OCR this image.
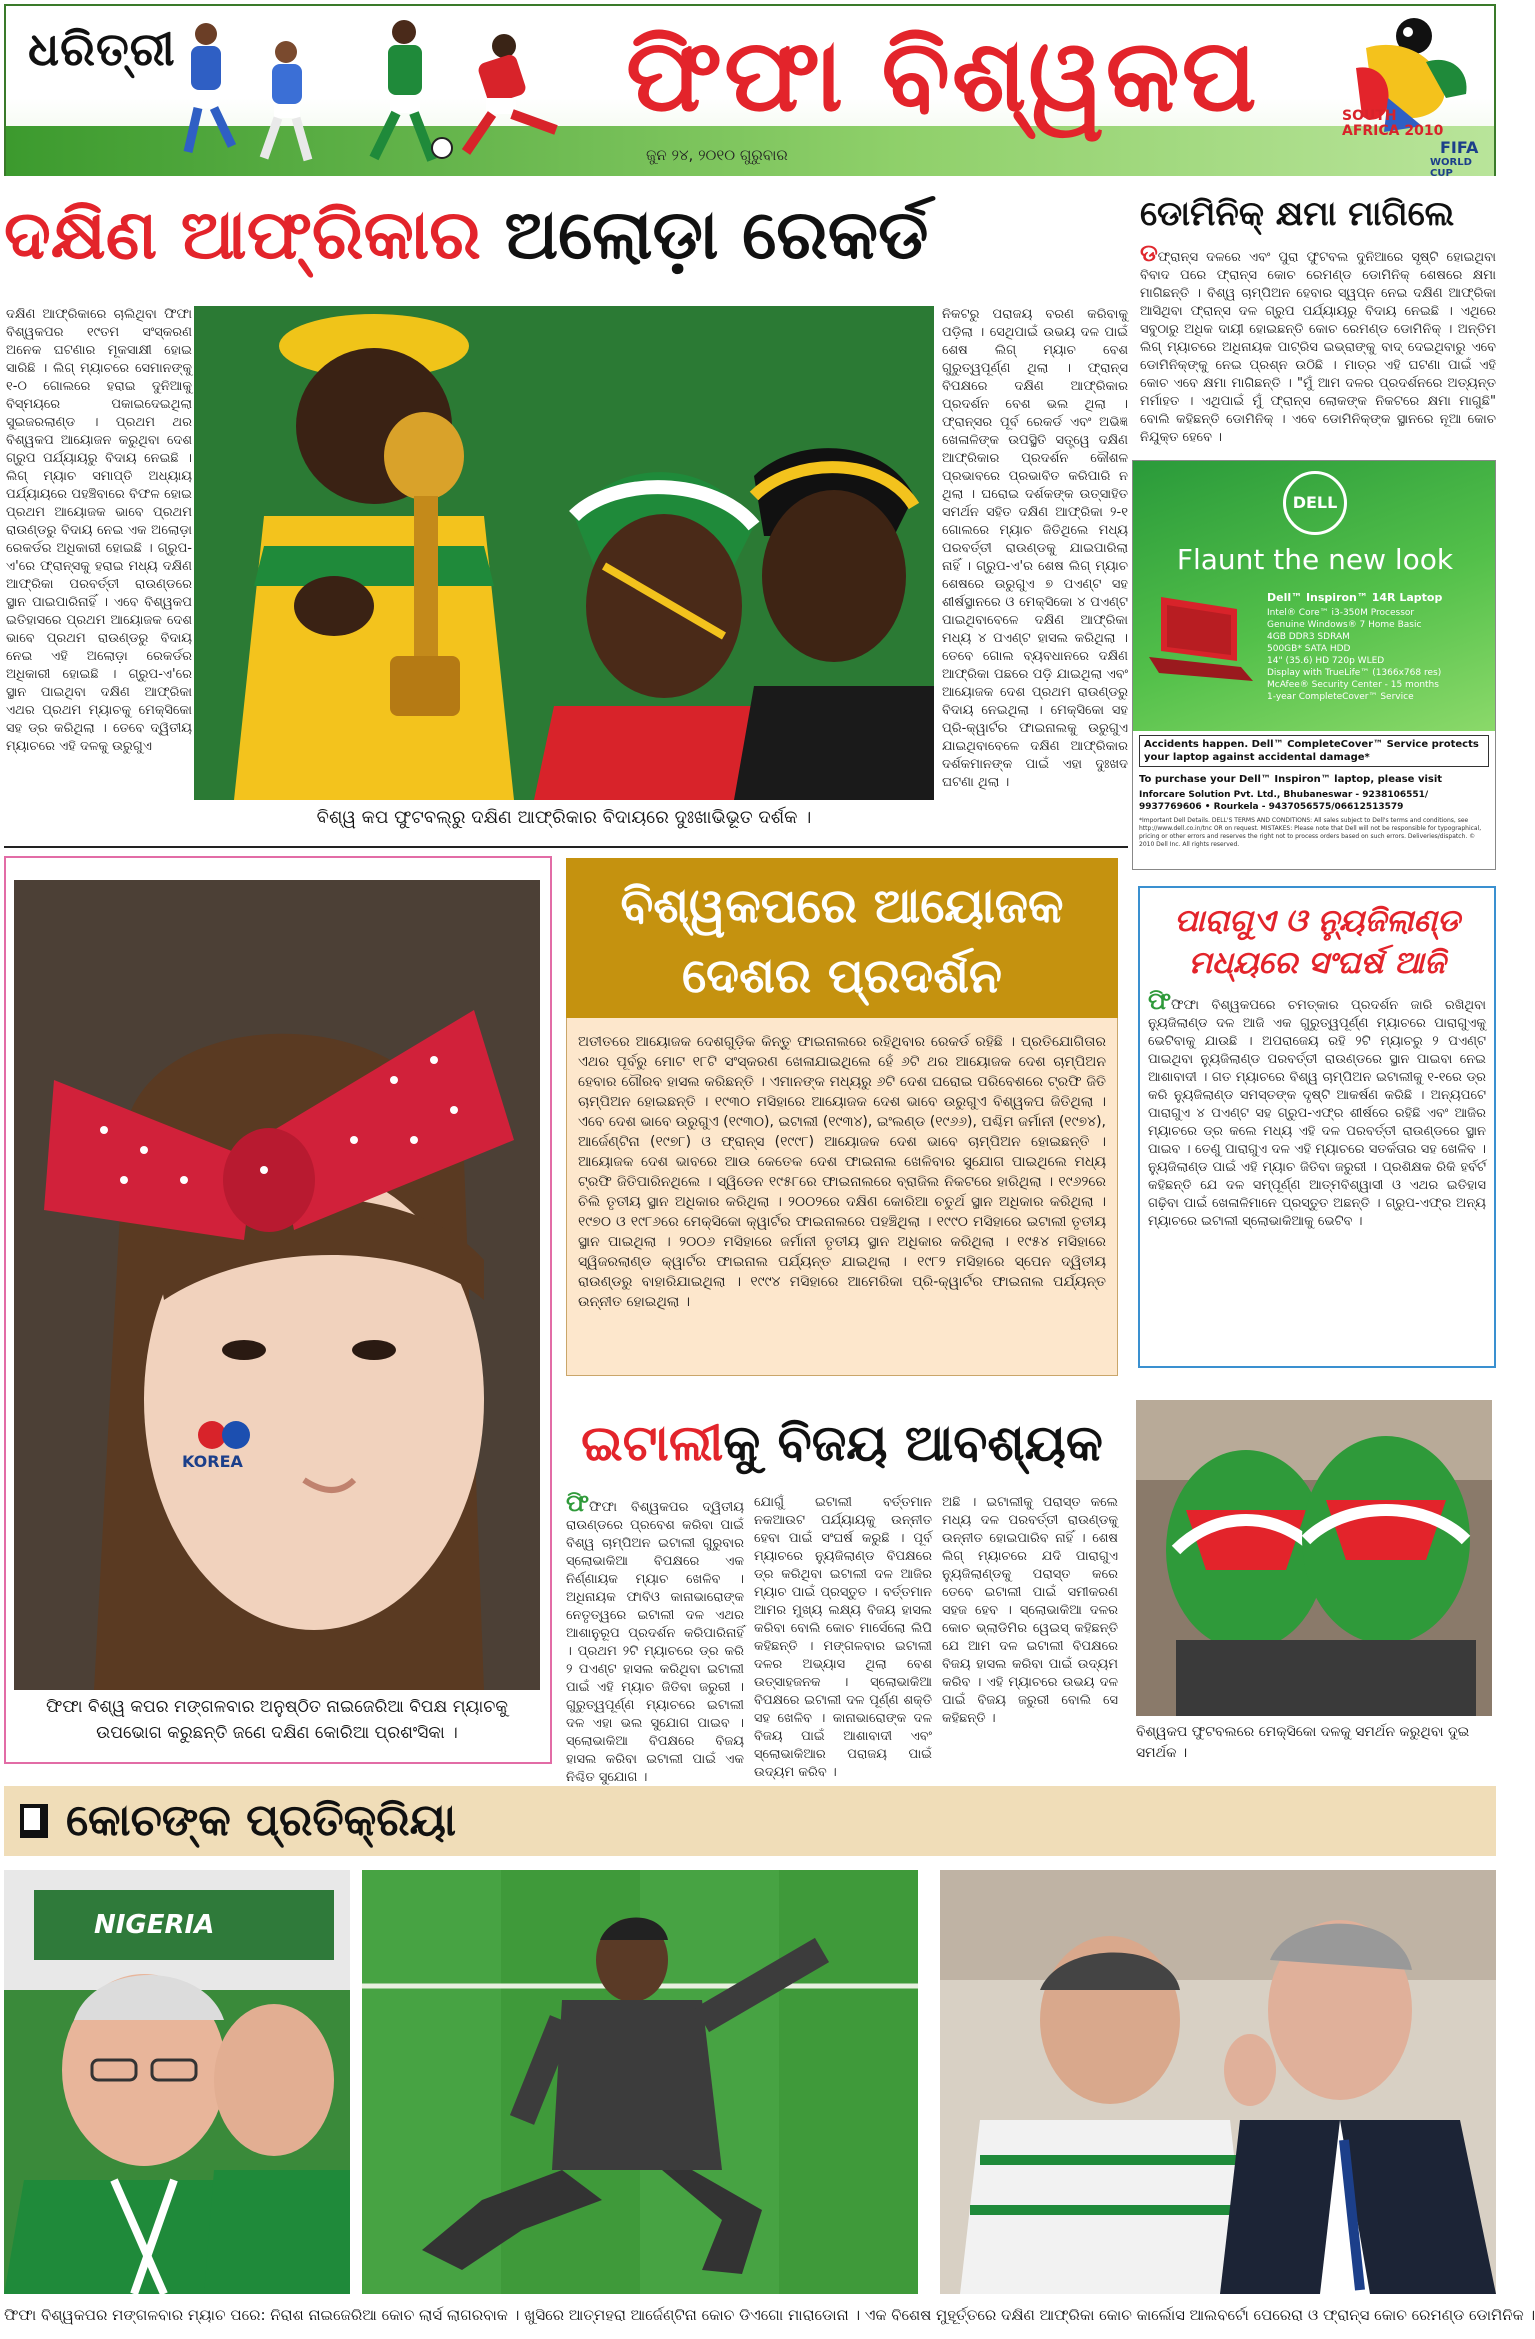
ଧରିତ୍ରୀ	ଫିଫା ବିଶ୍ୱକପ
ଜୁନ ୨୪, ୨୦୧୦ ଗୁରୁବାର
SOUTH
AFRICA 2010
FIFA
WORLD CUP
ଦକ୍ଷିଣ ଆଫ୍ରିକାର ଅଲୋଡ଼ା ରେକର୍ଡ
ଦକ୍ଷିଣ ଆଫ୍ରିକାରେ ଚାଲିଥିବା ଫିଫା ବିଶ୍ୱକପର ୧୯ତମ ସଂସ୍କରଣ ଅନେକ ଘଟଣାର ମୂକସାକ୍ଷୀ ହୋଇ ସାରିଛି । ଲିଗ୍ ମ୍ୟାଚରେ ସେମାନଙ୍କୁ ୧-୦ ଗୋଲରେ ହରାଇ ଦୁନିଆକୁ ବିସ୍ମୟରେ ପକାଇଦେଇଥିଲା ସୁଇଜରଲାଣ୍ଡ । ପ୍ରଥମ ଥର ବିଶ୍ୱକପ ଆୟୋଜନ କରୁଥିବା ଦେଶ ଗ୍ରୁପ ପର୍ଯ୍ୟାୟରୁ ବିଦାୟ ନେଇଛି । ଲିଗ୍ ମ୍ୟାଚ ସମାପ୍ତି ଅଧ୍ୟାୟ ପର୍ଯ୍ୟାୟରେ ପହଞ୍ଚିବାରେ ବିଫଳ ହୋଇ ପ୍ରଥମ ଆୟୋଜକ ଭାବେ ପ୍ରଥମ ରାଉଣ୍ଡରୁ ବିଦାୟ ନେଇ ଏକ ଅଲୋଡ଼ା ରେକର୍ଡର ଅଧିକାରୀ ହୋଇଛି । ଗ୍ରୁପ-ଏ'ରେ ଫ୍ରାନ୍ସକୁ ହରାଇ ମଧ୍ୟ ଦକ୍ଷିଣ ଆଫ୍ରିକା ପରବର୍ତ୍ତୀ ରାଉଣ୍ଡରେ ସ୍ଥାନ ପାଇପାରିନାହିଁ । ଏବେ ବିଶ୍ୱକପ ଇତିହାସରେ ପ୍ରଥମ ଆୟୋଜକ ଦେଶ ଭାବେ ପ୍ରଥମ ରାଉଣ୍ଡରୁ ବିଦାୟ ନେଇ ଏହି ଅଲୋଡ଼ା ରେକର୍ଡର ଅଧିକାରୀ ହୋଇଛି । ଗ୍ରୁପ-ଏ'ରେ ସ୍ଥାନ ପାଇଥିବା ଦକ୍ଷିଣ ଆଫ୍ରିକା ଏଥର ପ୍ରଥମ ମ୍ୟାଚକୁ ମେକ୍ସିକୋ ସହ ଡ୍ର କରିଥିଲା । ତେବେ ଦ୍ୱିତୀୟ ମ୍ୟାଚରେ ଏହି ଦଳକୁ ଉରୁଗୁଏ
ବିଶ୍ୱ କପ ଫୁଟବଲ୍‌ରୁ ଦକ୍ଷିଣ ଆଫ୍ରିକାର ବିଦାୟରେ ଦୁଃଖାଭିଭୂତ ଦର୍ଶକ ।
ନିକଟରୁ ପରାଜୟ ବରଣ କରିବାକୁ ପଡ଼ିଲା । ସେଥିପାଇଁ ଉଭୟ ଦଳ ପାଇଁ ଶେଷ ଲିଗ୍ ମ୍ୟାଚ ବେଶ ଗୁରୁତ୍ୱପୂର୍ଣ୍ଣ ଥିଲା । ଫ୍ରାନ୍ସ ବିପକ୍ଷରେ ଦକ୍ଷିଣ ଆଫ୍ରିକାର ପ୍ରଦର୍ଶନ ବେଶ ଭଲ ଥିଲା । ଫ୍ରାନ୍ସର ପୂର୍ବ ରେକର୍ଡ ଏବଂ ଅଭିଜ୍ଞ ଖେଳାଳିଙ୍କ ଉପସ୍ଥିତି ସତ୍ତ୍ୱେ ଦକ୍ଷିଣ ଆଫ୍ରିକାର ପ୍ରଦର୍ଶନ କୌଶଳ ପ୍ରଭାବରେ ପ୍ରଭାବିତ କରିପାରି ନ ଥିଲା । ଘରୋଇ ଦର୍ଶକଙ୍କ ଉତ୍ସାହିତ ସମର୍ଥନ ସହିତ ଦକ୍ଷିଣ ଆଫ୍ରିକା ୨-୧ ଗୋଲରେ ମ୍ୟାଚ ଜିତିଥିଲେ ମଧ୍ୟ ପରବର୍ତ୍ତୀ ରାଉଣ୍ଡକୁ ଯାଇପାରିଲା ନାହିଁ । ଗ୍ରୁପ-ଏ'ର ଶେଷ ଲିଗ୍ ମ୍ୟାଚ ଶେଷରେ ଉରୁଗୁଏ ୭ ପଏଣ୍ଟ ସହ ଶୀର୍ଷସ୍ଥାନରେ ଓ ମେକ୍ସିକୋ ୪ ପଏଣ୍ଟ ପାଇଥିବାବେଳେ ଦକ୍ଷିଣ ଆଫ୍ରିକା ମଧ୍ୟ ୪ ପଏଣ୍ଟ ହାସଲ କରିଥିଲା । ତେବେ ଗୋଲ ବ୍ୟବଧାନରେ ଦକ୍ଷିଣ ଆଫ୍ରିକା ପଛରେ ପଡ଼ି ଯାଇଥିଲା ଏବଂ ଆୟୋଜକ ଦେଶ ପ୍ରଥମ ରାଉଣ୍ଡରୁ ବିଦାୟ ନେଇଥିଲା । ମେକ୍ସିକୋ ସହ ପ୍ରି-କ୍ୱାର୍ଟର ଫାଇନାଲକୁ ଉରୁଗୁଏ ଯାଇଥିବାବେଳେ ଦକ୍ଷିଣ ଆଫ୍ରିକାର ଦର୍ଶକମାନଙ୍କ ପାଇଁ ଏହା ଦୁଃଖଦ ଘଟଣା ଥିଲା ।
ଡୋମିନିକ୍ କ୍ଷମା ମାଗିଲେ
ଡଫ୍ରାନ୍ସ ଦଳରେ ଏବଂ ପୁରା ଫୁଟବଲ ଦୁନିଆରେ ସୃଷ୍ଟି ହୋଇଥିବା ବିବାଦ ପରେ ଫ୍ରାନ୍ସ କୋଚ ରେମଣ୍ଡ ଡୋମିନିକ୍ ଶେଷରେ କ୍ଷମା ମାଗିଛନ୍ତି । ବିଶ୍ୱ ଚାମ୍ପିଅନ ହେବାର ସ୍ୱପ୍ନ ନେଇ ଦକ୍ଷିଣ ଆଫ୍ରିକା ଆସିଥିବା ଫ୍ରାନ୍ସ ଦଳ ଗ୍ରୁପ ପର୍ଯ୍ୟାୟରୁ ବିଦାୟ ନେଇଛି । ଏଥିରେ ସବୁଠାରୁ ଅଧିକ ଦାୟୀ ହୋଇଛନ୍ତି କୋଚ ରେମଣ୍ଡ ଡୋମିନିକ୍ । ଅନ୍ତିମ ଲିଗ୍ ମ୍ୟାଚରେ ଅଧିନାୟକ ପାଟ୍ରିସ ଇଭ୍ରାଙ୍କୁ ବାଦ୍ ଦେଇଥିବାରୁ ଏବେ ଡୋମିନିକ୍ଙ୍କୁ ନେଇ ପ୍ରଶ୍ନ ଉଠିଛି । ମାତ୍ର ଏହି ଘଟଣା ପାଇଁ ଏହି କୋଚ ଏବେ କ୍ଷମା ମାଗିଛନ୍ତି । "ମୁଁ ଆମ ଦଳର ପ୍ରଦର୍ଶନରେ ଅତ୍ୟନ୍ତ ମର୍ମାହତ । ଏଥିପାଇଁ ମୁଁ ଫ୍ରାନ୍ସ ଲୋକଙ୍କ ନିକଟରେ କ୍ଷମା ମାଗୁଛି" ବୋଲି କହିଛନ୍ତି ଡୋମିନିକ୍ । ଏବେ ଡୋମିନିକ୍ଙ୍କ ସ୍ଥାନରେ ନୂଆ କୋଚ ନିଯୁକ୍ତ ହେବେ ।
DELL
Flaunt the new look
Dell™ Inspiron™ 14R Laptop
Intel® Core™ i3-350M Processor
Genuine Windows® 7 Home Basic
4GB DDR3 SDRAM
500GB* SATA HDD
14" (35.6) HD 720p WLED
Display with TrueLife™ (1366x768 res)
McAfee® Security Center - 15 months
1-year CompleteCover™ Service
Accidents happen. Dell™ CompleteCover™ Service protects your laptop against accidental damage*
To purchase your Dell™ Inspiron™ laptop, please visit
Inforcare Solution Pvt. Ltd., Bhubaneswar - 9238106551/ 9937769606 • Rourkela - 9437056575/06612513579
*Important Dell Details. DELL'S TERMS AND CONDITIONS: All sales subject to Dell's terms and conditions, see http://www.dell.co.in/tnc OR on request. MISTAKES: Please note that Dell will not be responsible for typographical, pricing or other errors and reserves the right not to process orders based on such errors. Deliveries/dispatch. © 2010 Dell Inc. All rights reserved.
KOREA
ଫିଫା ବିଶ୍ୱ କପର ମଙ୍ଗଳବାର ଅନୁଷ୍ଠିତ ନାଇଜେରିଆ ବିପକ୍ଷ ମ୍ୟାଚକୁ ଉପଭୋଗ କରୁଛନ୍ତି ଜଣେ ଦକ୍ଷିଣ କୋରିଆ ପ୍ରଶଂସିକା ।
ବିଶ୍ୱକପରେ ଆୟୋଜକ
ଦେଶର ପ୍ରଦର୍ଶନ
ଅତୀତରେ ଆୟୋଜକ ଦେଶଗୁଡ଼ିକ କିନ୍ତୁ ଫାଇନାଲରେ ରହିଥିବାର ରେକର୍ଡ ରହିଛି । ପ୍ରତିଯୋଗିତାର ଏଥର ପୂର୍ବରୁ ମୋଟ ୧୮ଟି ସଂସ୍କରଣ ଖେଳାଯାଇଥିଲେ ହେଁ ୬ଟି ଥର ଆୟୋଜକ ଦେଶ ଚାମ୍ପିଅନ ହେବାର ଗୌରବ ହାସଲ କରିଛନ୍ତି । ଏମାନଙ୍କ ମଧ୍ୟରୁ ୬ଟି ଦେଶ ଘରୋଇ ପରିବେଶରେ ଟ୍ରଫି ଜିତି ଚାମ୍ପିଅନ ହୋଇଛନ୍ତି । ୧୯୩୦ ମସିହାରେ ଆୟୋଜକ ଦେଶ ଭାବେ ଉରୁଗୁଏ ବିଶ୍ୱକପ ଜିତିଥିଲା । ଏବେ ଦେଶ ଭାବେ ଉରୁଗୁଏ (୧୯୩୦), ଇଟାଲୀ (୧୯୩୪), ଇଂଲଣ୍ଡ (୧୯୬୬), ପଶ୍ଚିମ ଜର୍ମାନୀ (୧୯୭୪), ଆର୍ଜେଣ୍ଟିନା (୧୯୭୮) ଓ ଫ୍ରାନ୍ସ (୧୯୯୮) ଆୟୋଜକ ଦେଶ ଭାବେ ଚାମ୍ପିଅନ ହୋଇଛନ୍ତି । ଆୟୋଜକ ଦେଶ ଭାବରେ ଆଉ କେତେକ ଦେଶ ଫାଇନାଲ ଖେଳିବାର ସୁଯୋଗ ପାଇଥିଲେ ମଧ୍ୟ ଟ୍ରଫି ଜିତିପାରିନଥିଲେ । ସ୍ୱିଡେନ ୧୯୫୮ରେ ଫାଇନାଲରେ ବ୍ରାଜିଲ ନିକଟରେ ହାରିଥିଲା । ୧୯୬୨ରେ ଚିଲି ତୃତୀୟ ସ୍ଥାନ ଅଧିକାର କରିଥିଲା । ୨୦୦୨ରେ ଦକ୍ଷିଣ କୋରିଆ ଚତୁର୍ଥ ସ୍ଥାନ ଅଧିକାର କରିଥିଲା । ୧୯୭୦ ଓ ୧୯୮୬ରେ ମେକ୍ସିକୋ କ୍ୱାର୍ଟର ଫାଇନାଲରେ ପହଞ୍ଚିଥିଲା । ୧୯୯୦ ମସିହାରେ ଇଟାଲୀ ତୃତୀୟ ସ୍ଥାନ ପାଇଥିଲା । ୨୦୦୬ ମସିହାରେ ଜର୍ମାନୀ ତୃତୀୟ ସ୍ଥାନ ଅଧିକାର କରିଥିଲା । ୧୯୫୪ ମସିହାରେ ସ୍ୱିଜରଲାଣ୍ଡ କ୍ୱାର୍ଟର ଫାଇନାଲ ପର୍ଯ୍ୟନ୍ତ ଯାଇଥିଲା । ୧୯୮୨ ମସିହାରେ ସ୍ପେନ ଦ୍ୱିତୀୟ ରାଉଣ୍ଡରୁ ବାହାରିଯାଇଥିଲା । ୧୯୯୪ ମସିହାରେ ଆମେରିକା ପ୍ରି-କ୍ୱାର୍ଟର ଫାଇନାଲ ପର୍ଯ୍ୟନ୍ତ ଉନ୍ନୀତ ହୋଇଥିଲା ।
ପାରାଗୁଏ ଓ ନ୍ୟୁଜିଲାଣ୍ଡ
ମଧ୍ୟରେ ସଂଘର୍ଷ ଆଜି
ଫିଫିଫା ବିଶ୍ୱକପରେ ଚମତ୍କାର ପ୍ରଦର୍ଶନ ଜାରି ରଖିଥିବା ନ୍ୟୁଜିଲାଣ୍ଡ ଦଳ ଆଜି ଏକ ଗୁରୁତ୍ୱପୂର୍ଣ୍ଣ ମ୍ୟାଚରେ ପାରାଗୁଏକୁ ଭେଟିବାକୁ ଯାଉଛି । ଅପରାଜେୟ ରହି ୨ଟି ମ୍ୟାଚରୁ ୨ ପଏଣ୍ଟ ପାଇଥିବା ନ୍ୟୁଜିଲାଣ୍ଡ ପରବର୍ତ୍ତୀ ରାଉଣ୍ଡରେ ସ୍ଥାନ ପାଇବା ନେଇ ଆଶାବାଦୀ । ଗତ ମ୍ୟାଚରେ ବିଶ୍ୱ ଚାମ୍ପିଅନ ଇଟାଲୀକୁ ୧-୧ରେ ଡ୍ର କରି ନ୍ୟୁଜିଲାଣ୍ଡ ସମସ୍ତଙ୍କ ଦୃଷ୍ଟି ଆକର୍ଷଣ କରିଛି । ଅନ୍ୟପଟେ ପାରାଗୁଏ ୪ ପଏଣ୍ଟ ସହ ଗ୍ରୁପ-ଏଫ୍‌ର ଶୀର୍ଷରେ ରହିଛି ଏବଂ ଆଜିର ମ୍ୟାଚରେ ଡ୍ର କଲେ ମଧ୍ୟ ଏହି ଦଳ ପରବର୍ତ୍ତୀ ରାଉଣ୍ଡରେ ସ୍ଥାନ ପାଇବ । ତେଣୁ ପାରାଗୁଏ ଦଳ ଏହି ମ୍ୟାଚରେ ସତର୍କତାର ସହ ଖେଳିବ । ନ୍ୟୁଜିଲାଣ୍ଡ ପାଇଁ ଏହି ମ୍ୟାଚ ଜିତିବା ଜରୁରୀ । ପ୍ରଶିକ୍ଷକ ରିକି ହର୍ବର୍ଟ କହିଛନ୍ତି ଯେ ଦଳ ସମ୍ପୂର୍ଣ୍ଣ ଆତ୍ମବିଶ୍ୱାସୀ ଓ ଏଥର ଇତିହାସ ଗଢ଼ିବା ପାଇଁ ଖେଳାଳିମାନେ ପ୍ରସ୍ତୁତ ଅଛନ୍ତି । ଗ୍ରୁପ-ଏଫ୍‌ର ଅନ୍ୟ ମ୍ୟାଚରେ ଇଟାଲୀ ସ୍ଲୋଭାକିଆକୁ ଭେଟିବ ।
ଇଟାଲୀକୁ ବିଜୟ ଆବଶ୍ୟକ
ଫିଫିଫା ବିଶ୍ୱକପର ଦ୍ୱିତୀୟ ରାଉଣ୍ଡରେ ପ୍ରବେଶ କରିବା ପାଇଁ ବିଶ୍ୱ ଚାମ୍ପିଅନ ଇଟାଲୀ ଗୁରୁବାର ସ୍ଲୋଭାକିଆ ବିପକ୍ଷରେ ଏକ ନିର୍ଣ୍ଣାୟକ ମ୍ୟାଚ ଖେଳିବ । ଅଧିନାୟକ ଫାବିଓ କାନାଭାରୋଙ୍କ ନେତୃତ୍ୱରେ ଇଟାଲୀ ଦଳ ଏଥର ଆଶାନୁରୂପ ପ୍ରଦର୍ଶନ କରିପାରିନାହିଁ । ପ୍ରଥମ ୨ଟି ମ୍ୟାଚରେ ଡ୍ର କରି ୨ ପଏଣ୍ଟ ହାସଲ କରିଥିବା ଇଟାଲୀ ପାଇଁ ଏହି ମ୍ୟାଚ ଜିତିବା ଜରୁରୀ । ଗୁରୁତ୍ୱପୂର୍ଣ୍ଣ ମ୍ୟାଚରେ ଇଟାଲୀ ଦଳ ଏହା ଭଲ ସୁଯୋଗ ପାଇବ । ସ୍ଲୋଭାକିଆ ବିପକ୍ଷରେ ବିଜୟ ହାସଲ କରିବା ଇଟାଲୀ ପାଇଁ ଏକ ନିଶ୍ଚିତ ସୁଯୋଗ ।
ଯୋଗୁଁ ଇଟାଲୀ ବର୍ତ୍ତମାନ ନକଆଉଟ ପର୍ଯ୍ୟାୟକୁ ଉନ୍ନୀତ ହେବା ପାଇଁ ସଂଘର୍ଷ କରୁଛି । ପୂର୍ବ ମ୍ୟାଚରେ ନ୍ୟୁଜିଲାଣ୍ଡ ବିପକ୍ଷରେ ଡ୍ର କରିଥିବା ଇଟାଲୀ ଦଳ ଆଜିର ମ୍ୟାଚ ପାଇଁ ପ୍ରସ୍ତୁତ । ବର୍ତ୍ତମାନ ଆମର ମୁଖ୍ୟ ଲକ୍ଷ୍ୟ ବିଜୟ ହାସଲ କରିବା ବୋଲି କୋଚ ମାର୍ସେଲୋ ଲିପି କହିଛନ୍ତି । ମଙ୍ଗଳବାର ଇଟାଲୀ ଦଳର ଅଭ୍ୟାସ ଥିଲା ବେଶ ଉତ୍ସାହଜନକ । ସ୍ଲୋଭାକିଆ ବିପକ୍ଷରେ ଇଟାଲୀ ଦଳ ପୂର୍ଣ୍ଣ ଶକ୍ତି ସହ ଖେଳିବ । କାନାଭାରୋଙ୍କ ଦଳ ବିଜୟ ପାଇଁ ଆଶାବାଦୀ ଏବଂ ସ୍ଲୋଭାକିଆର ପରାଜୟ ପାଇଁ ଉଦ୍ୟମ କରିବ ।
ଅଛି । ଇଟାଲୀକୁ ପରାସ୍ତ କଲେ ମଧ୍ୟ ଦଳ ପରବର୍ତ୍ତୀ ରାଉଣ୍ଡକୁ ଉନ୍ନୀତ ହୋଇପାରିବ ନାହିଁ । ଶେଷ ଲିଗ୍ ମ୍ୟାଚରେ ଯଦି ପାରାଗୁଏ ନ୍ୟୁଜିଲାଣ୍ଡକୁ ପରାସ୍ତ କରେ ତେବେ ଇଟାଲୀ ପାଇଁ ସମୀକରଣ ସହଜ ହେବ । ସ୍ଲୋଭାକିଆ ଦଳର କୋଚ ଭ୍ଲାଡିମିର ୱେଇସ୍ କହିଛନ୍ତି ଯେ ଆମ ଦଳ ଇଟାଲୀ ବିପକ୍ଷରେ ବିଜୟ ହାସଲ କରିବା ପାଇଁ ଉଦ୍ୟମ କରିବ । ଏହି ମ୍ୟାଚରେ ଉଭୟ ଦଳ ପାଇଁ ବିଜୟ ଜରୁରୀ ବୋଲି ସେ କହିଛନ୍ତି ।
ବିଶ୍ୱକପ ଫୁଟବଲରେ ମେକ୍ସିକୋ ଦଳକୁ ସମର୍ଥନ କରୁଥିବା ଦୁଇ ସମର୍ଥକ ।
କୋଚଙ୍କ ପ୍ରତିକ୍ରିୟା
NIGERIA
ଫିଫା ବିଶ୍ୱକପର ମଙ୍ଗଳବାର ମ୍ୟାଚ ପରେ: ନିରାଶ ନାଇଜେରିଆ କୋଚ ଲାର୍ସ ଲାଗରବାକ । ଖୁସିରେ ଆତ୍ମହରା ଆର୍ଜେଣ୍ଟିନା କୋଚ ଡିଏଗୋ ମାରାଡୋନା । ଏକ ବିଶେଷ ମୁହୂର୍ତ୍ତରେ ଦକ୍ଷିଣ ଆଫ୍ରିକା କୋଚ କାର୍ଲୋସ ଆଲବର୍ଟୋ ପେରେରା ଓ ଫ୍ରାନ୍ସ କୋଚ ରେମଣ୍ଡ ଡୋମିନିକ ।
